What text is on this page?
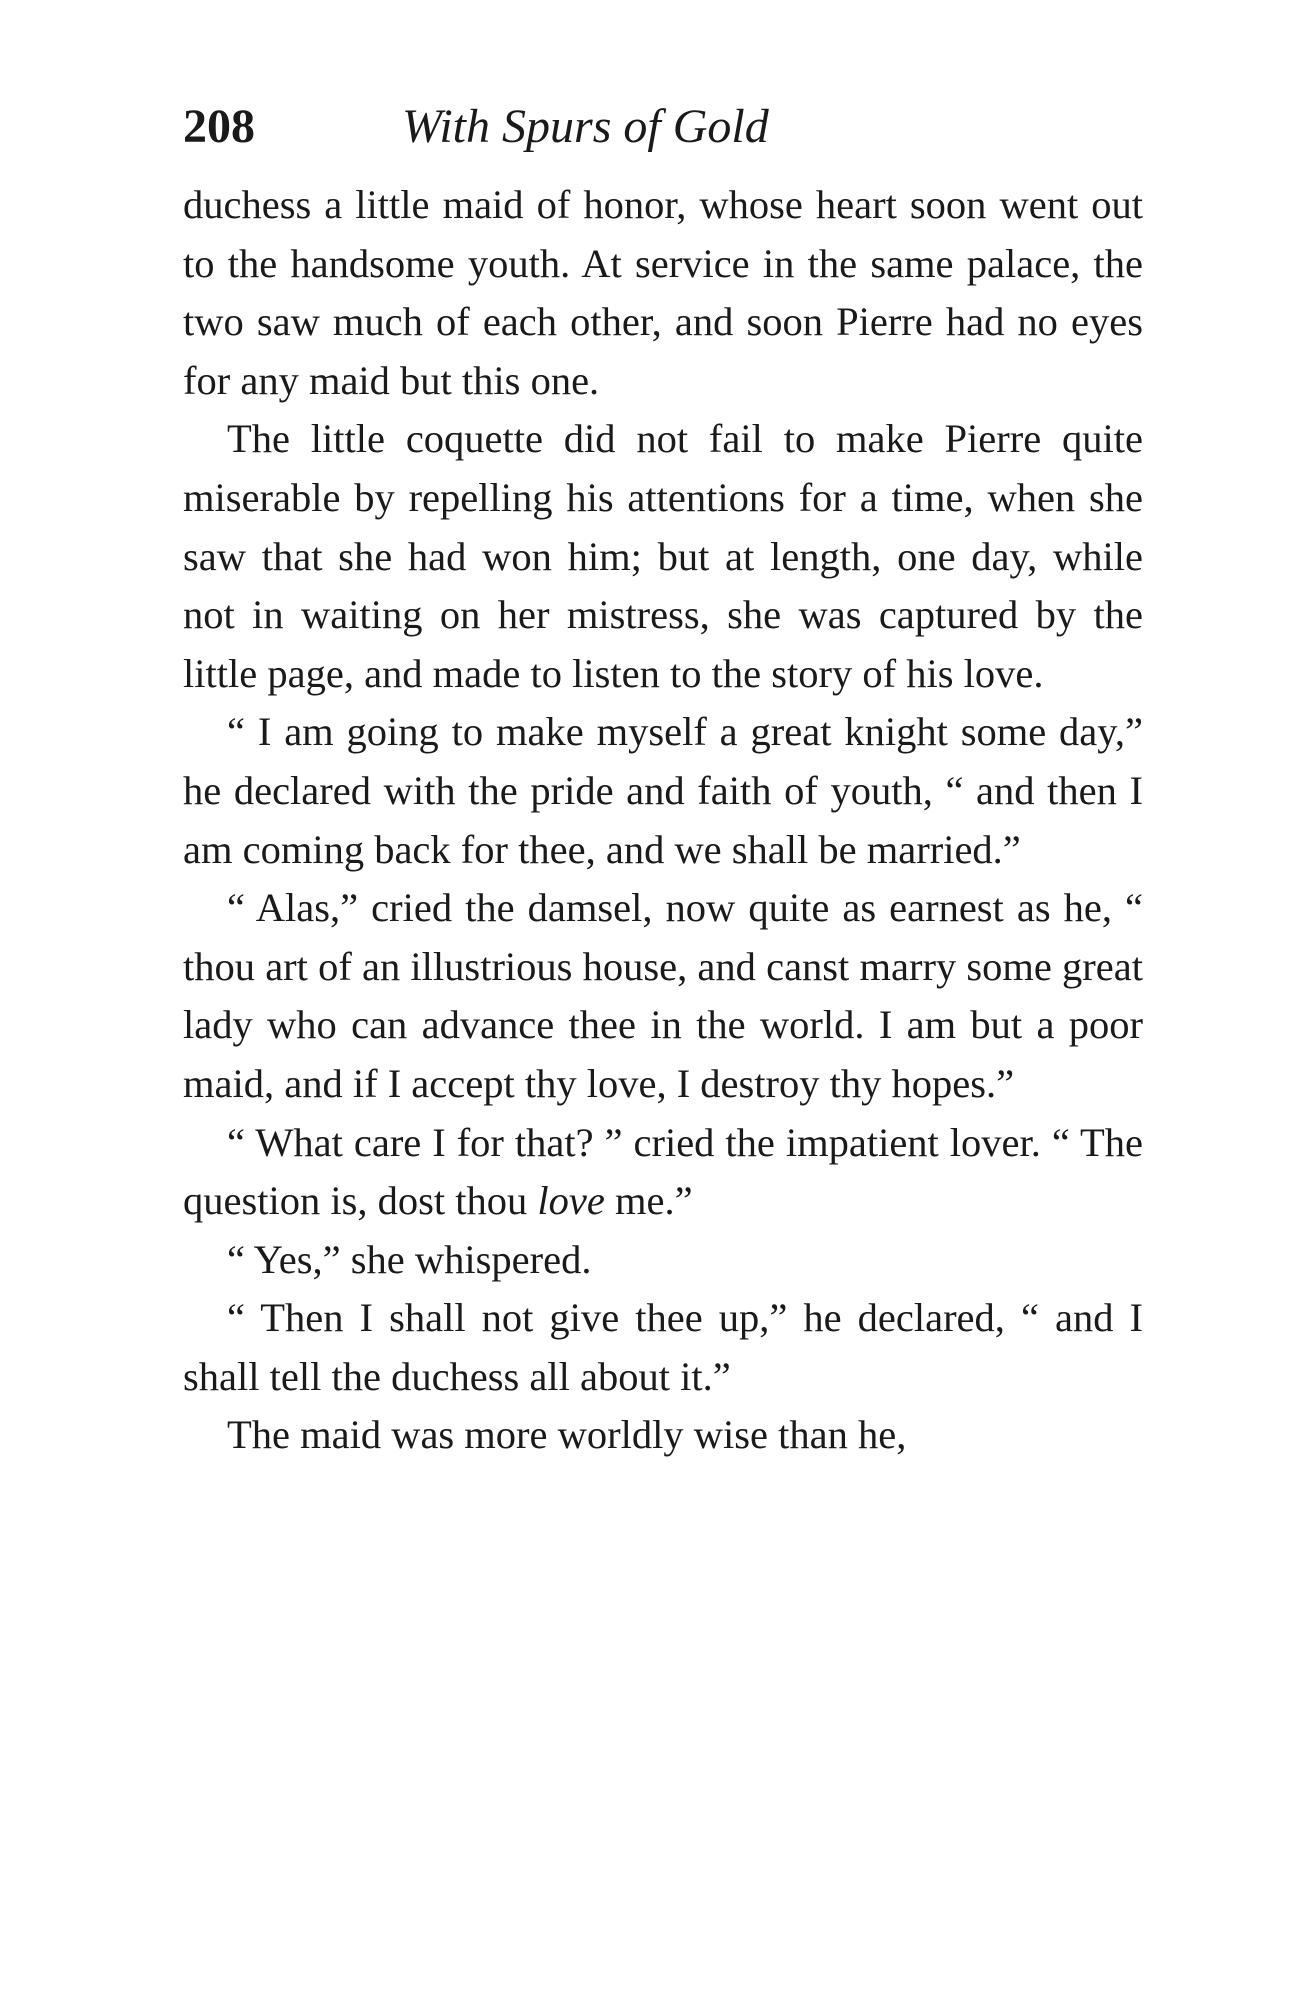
208	With Spurs of Gold

duchess a little maid of honor, whose heart soon went out to the handsome youth. At service in the same palace, the two saw much of each other, and soon Pierre had no eyes for any maid but this one.

The little coquette did not fail to make Pierre quite miserable by repelling his attentions for a time, when she saw that she had won him; but at length, one day, while not in waiting on her mistress, she was captured by the little page, and made to listen to the story of his love.

“ I am going to make myself a great knight some day,” he declared with the pride and faith of youth, “ and then I am coming back for thee, and we shall be married.”

“ Alas,” cried the damsel, now quite as earnest as he, “ thou art of an illustrious house, and canst marry some great lady who can advance thee in the world. I am but a poor maid, and if I accept thy love, I destroy thy hopes.”

“ What care I for that? ” cried the impatient lover. “ The question is, dost thou love me.”

“ Yes,” she whispered.

“ Then I shall not give thee up,” he declared, “ and I shall tell the duchess all about it.”

The maid was more worldly wise than he,
